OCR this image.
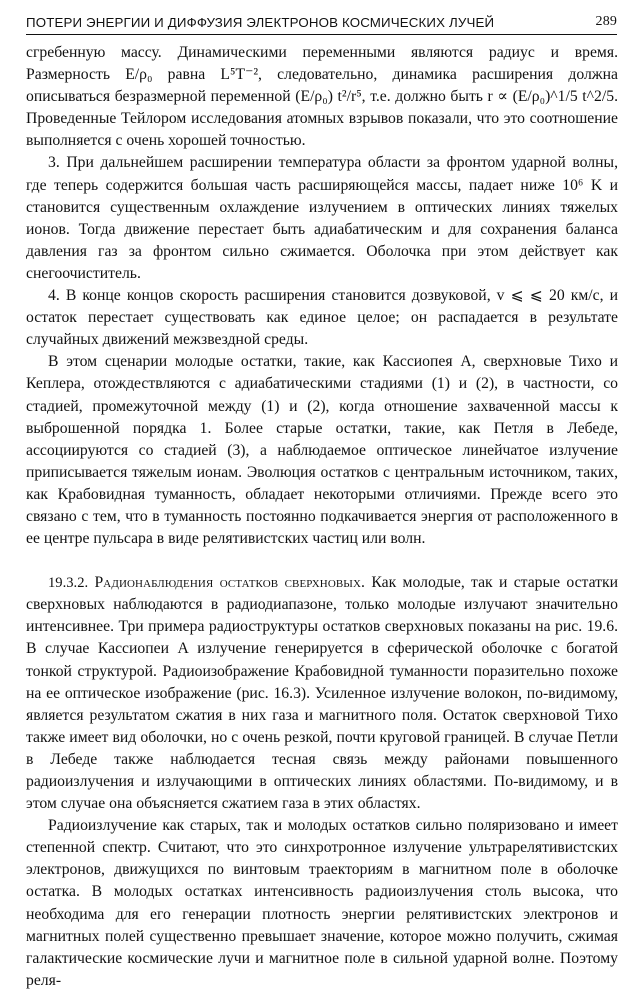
ПОТЕРИ ЭНЕРГИИ И ДИФФУЗИЯ ЭЛЕКТРОНОВ КОСМИЧЕСКИХ ЛУЧЕЙ	289

сгребенную массу. Динамическими переменными являются радиус и время. Размерность E/ρ₀ равна L⁵T⁻², следовательно, динамика расширения должна описываться безразмерной переменной (E/ρ₀) t²/r⁵, т.е. должно быть r ∝ (E/ρ₀)^1/5 t^2/5. Проведенные Тейлором исследования атомных взрывов показали, что это соотношение выполняется с очень хорошей точностью.

3. При дальнейшем расширении температура области за фронтом ударной волны, где теперь содержится большая часть расширяющейся массы, падает ниже 10⁶ K и становится существенным охлаждение излучением в оптических линиях тяжелых ионов. Тогда движение перестает быть адиабатическим и для сохранения баланса давления газ за фронтом сильно сжимается. Оболочка при этом действует как снегоочиститель.

4. В конце концов скорость расширения становится дозвуковой, v ⩽ ⩽ 20 км/с, и остаток перестает существовать как единое целое; он распадается в результате случайных движений межзвездной среды.

В этом сценарии молодые остатки, такие, как Кассиопея А, сверхновые Тихо и Кеплера, отождествляются с адиабатическими стадиями (1) и (2), в частности, со стадией, промежуточной между (1) и (2), когда отношение захваченной массы к выброшенной порядка 1. Более старые остатки, такие, как Петля в Лебеде, ассоциируются со стадией (3), а наблюдаемое оптическое линейчатое излучение приписывается тяжелым ионам. Эволюция остатков с центральным источником, таких, как Крабовидная туманность, обладает некоторыми отличиями. Прежде всего это связано с тем, что в туманность постоянно подкачивается энергия от расположенного в ее центре пульсара в виде релятивистских частиц или волн.

19.3.2. Радионаблюдения остатков сверхновых. Как молодые, так и старые остатки сверхновых наблюдаются в радиодиапазоне, только молодые излучают значительно интенсивнее. Три примера радиоструктуры остатков сверхновых показаны на рис. 19.6. В случае Кассиопеи А излучение генерируется в сферической оболочке с богатой тонкой структурой. Радиоизображение Крабовидной туманности поразительно похоже на ее оптическое изображение (рис. 16.3). Усиленное излучение волокон, по-видимому, является результатом сжатия в них газа и магнитного поля. Остаток сверхновой Тихо также имеет вид оболочки, но с очень резкой, почти круговой границей. В случае Петли в Лебеде также наблюдается тесная связь между районами повышенного радиоизлучения и излучающими в оптических линиях областями. По-видимому, и в этом случае она объясняется сжатием газа в этих областях.

Радиоизлучение как старых, так и молодых остатков сильно поляризовано и имеет степенной спектр. Считают, что это синхротронное излучение ультрарелятивистских электронов, движущихся по винтовым траекториям в магнитном поле в оболочке остатка. В молодых остатках интенсивность радиоизлучения столь высока, что необходима для его генерации плотность энергии релятивистских электронов и магнитных полей существенно превышает значение, которое можно получить, сжимая галактические космические лучи и магнитное поле в сильной ударной волне. Поэтому реля-
